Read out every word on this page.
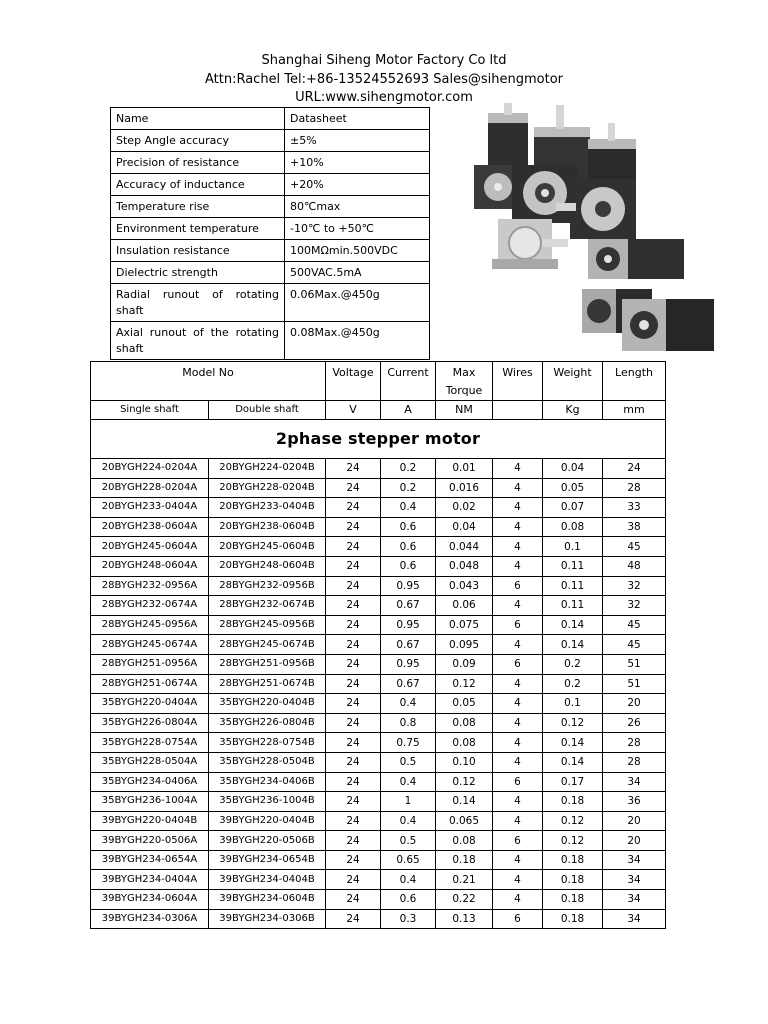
Shanghai Siheng Motor Factory Co ltd
Attn:Rachel Tel:+86-13524552693 Sales@sihengmotor
URL:www.sihengmotor.com
Name	Datasheet
Step Angle accuracy	±5%
Precision of resistance	+10%
Accuracy of inductance	+20%
Temperature rise	80℃max
Environment temperature	-10℃ to +50℃
Insulation resistance	100MΩmin.500VDC
Dielectric strength	500VAC.5mA
Radial runout of rotating shaft	0.06Max.@450g
Axial runout of the rotating shaft	0.08Max.@450g
Model No		Voltage	Current	Max Torque	Wires	Weight	Length
Single shaft	Double shaft	V	A	NM		Kg	mm
2phase stepper motor							
20BYGH224-0204A	20BYGH224-0204B	24	0.2	0.01	4	0.04	24
20BYGH228-0204A	20BYGH228-0204B	24	0.2	0.016	4	0.05	28
20BYGH233-0404A	20BYGH233-0404B	24	0.4	0.02	4	0.07	33
20BYGH238-0604A	20BYGH238-0604B	24	0.6	0.04	4	0.08	38
20BYGH245-0604A	20BYGH245-0604B	24	0.6	0.044	4	0.1	45
20BYGH248-0604A	20BYGH248-0604B	24	0.6	0.048	4	0.11	48
28BYGH232-0956A	28BYGH232-0956B	24	0.95	0.043	6	0.11	32
28BYGH232-0674A	28BYGH232-0674B	24	0.67	0.06	4	0.11	32
28BYGH245-0956A	28BYGH245-0956B	24	0.95	0.075	6	0.14	45
28BYGH245-0674A	28BYGH245-0674B	24	0.67	0.095	4	0.14	45
28BYGH251-0956A	28BYGH251-0956B	24	0.95	0.09	6	0.2	51
28BYGH251-0674A	28BYGH251-0674B	24	0.67	0.12	4	0.2	51
35BYGH220-0404A	35BYGH220-0404B	24	0.4	0.05	4	0.1	20
35BYGH226-0804A	35BYGH226-0804B	24	0.8	0.08	4	0.12	26
35BYGH228-0754A	35BYGH228-0754B	24	0.75	0.08	4	0.14	28
35BYGH228-0504A	35BYGH228-0504B	24	0.5	0.10	4	0.14	28
35BYGH234-0406A	35BYGH234-0406B	24	0.4	0.12	6	0.17	34
35BYGH236-1004A	35BYGH236-1004B	24	1	0.14	4	0.18	36
39BYGH220-0404B	39BYGH220-0404B	24	0.4	0.065	4	0.12	20
39BYGH220-0506A	39BYGH220-0506B	24	0.5	0.08	6	0.12	20
39BYGH234-0654A	39BYGH234-0654B	24	0.65	0.18	4	0.18	34
39BYGH234-0404A	39BYGH234-0404B	24	0.4	0.21	4	0.18	34
39BYGH234-0604A	39BYGH234-0604B	24	0.6	0.22	4	0.18	34
39BYGH234-0306A	39BYGH234-0306B	24	0.3	0.13	6	0.18	34
